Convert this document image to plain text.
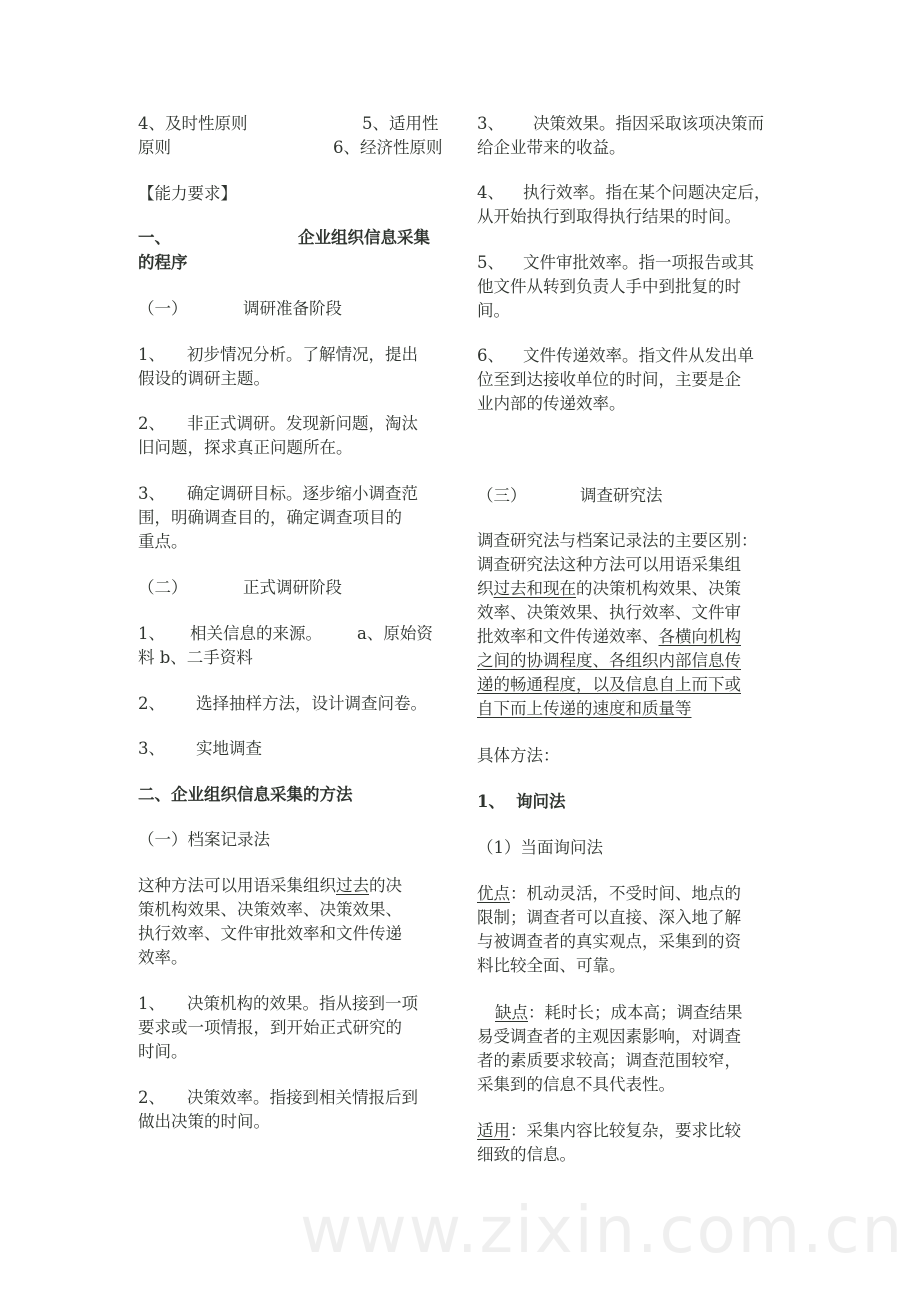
4、及时性原则	5、适用性
原则	6、经济性原则
【能力要求】
一、	企业组织信息采集
的程序
（一）	调研准备阶段
1、 初步情况分析。了解情况，提出
假设的调研主题。
2、 非正式调研。发现新问题，淘汰
旧问题，探求真正问题所在。
3、 确定调研目标。逐步缩小调查范
围，明确调查目的，确定调查项目的
重点。
（二）	正式调研阶段
1、 相关信息的来源。 a、原始资
料 b、二手资料
2、 选择抽样方法，设计调查问卷。
3、 实地调查
二、企业组织信息采集的方法
（一）档案记录法
这种方法可以用语采集组织过去的决
策机构效果、决策效率、决策效果、
执行效率、文件审批效率和文件传递
效率。
1、 决策机构的效果。指从接到一项
要求或一项情报，到开始正式研究的
时间。
2、 决策效率。指接到相关情报后到
做出决策的时间。
3、 决策效果。指因采取该项决策而
给企业带来的收益。
4、 执行效率。指在某个问题决定后，
从开始执行到取得执行结果的时间。
5、 文件审批效率。指一项报告或其
他文件从转到负责人手中到批复的时
间。
6、 文件传递效率。指文件从发出单
位至到达接收单位的时间，主要是企
业内部的传递效率。
（三）	调查研究法
调查研究法与档案记录法的主要区别：
调查研究法这种方法可以用语采集组
织过去和现在的决策机构效果、决策
效率、决策效果、执行效率、文件审
批效率和文件传递效率、各横向机构
之间的协调程度、各组织内部信息传
递的畅通程度，以及信息自上而下或
自下而上传递的速度和质量等
具体方法：
1、 询问法
（1）当面询问法
优点：机动灵活，不受时间、地点的
限制；调查者可以直接、深入地了解
与被调查者的真实观点，采集到的资
料比较全面、可靠。
缺点：耗时长；成本高；调查结果
易受调查者的主观因素影响，对调查
者的素质要求较高；调查范围较窄，
采集到的信息不具代表性。
适用：采集内容比较复杂，要求比较
细致的信息。
www.zixin.com.cn
